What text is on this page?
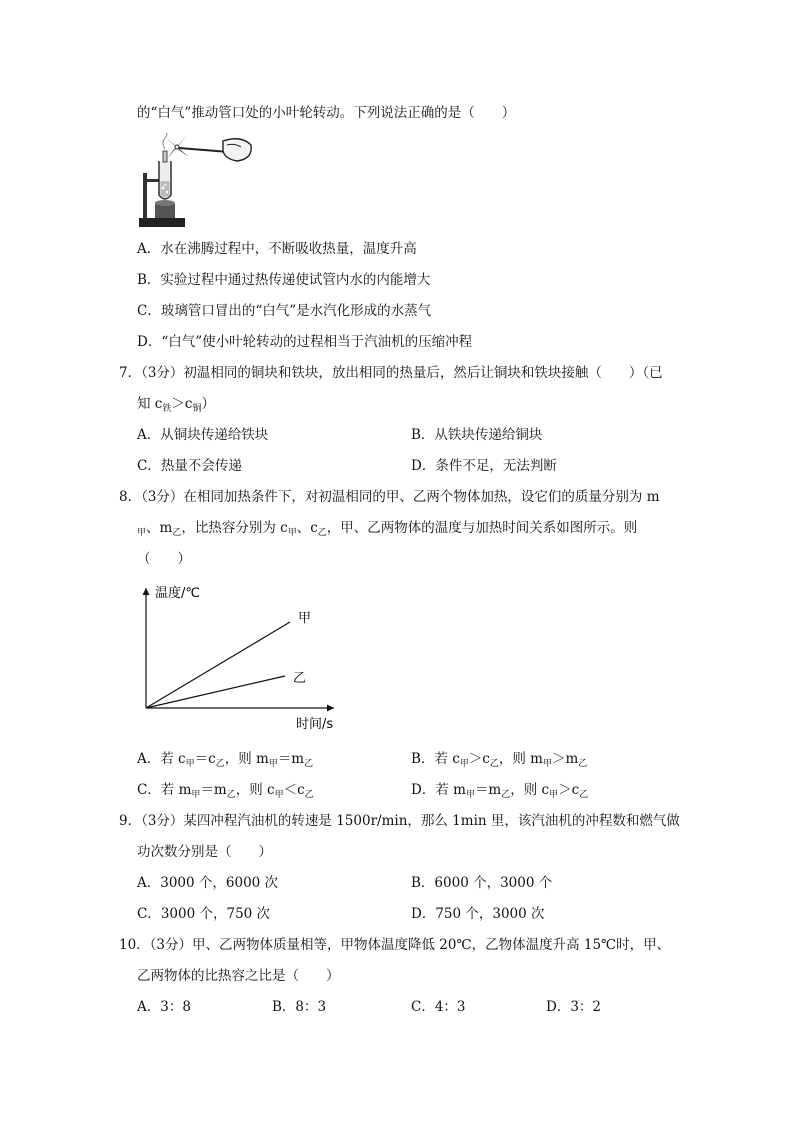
的“白气”推动管口处的小叶轮转动。下列说法正确的是（　　）
A．水在沸腾过程中，不断吸收热量，温度升高
B．实验过程中通过热传递使试管内水的内能增大
C．玻璃管口冒出的“白气”是水汽化形成的水蒸气
D．“白气”使小叶轮转动的过程相当于汽油机的压缩冲程
7．（3分）初温相同的铜块和铁块，放出相同的热量后，然后让铜块和铁块接触（　　）（已
知 $c_铁>c_铜$）
A．从铜块传递给铁块	B．从铁块传递给铜块
C．热量不会传递	D．条件不足，无法判断
8．（3分）在相同加热条件下，对初温相同的甲、乙两个物体加热，设它们的质量分别为 m
$_甲$、$m_乙$，比热容分别为 $c_甲$、$c_乙$，甲、乙两物体的温度与加热时间关系如图所示。则
（　　）
温度/℃
时间/s
甲
乙
A．若 $c_甲=c_乙$，则 $m_甲=m_乙$	B．若 $c_甲>c_乙$，则 $m_甲>m_乙$
C．若 $m_甲=m_乙$，则 $c_甲<c_乙$	D．若 $m_甲=m_乙$，则 $c_甲>c_乙$
9．（3分）某四冲程汽油机的转速是 1500r/min，那么 1min 里，该汽油机的冲程数和燃气做
功次数分别是（　　）
A．3000 个，6000 次	B．6000 个，3000 个
C．3000 个，750 次	D．750 个，3000 次
10．（3分）甲、乙两物体质量相等，甲物体温度降低 20℃，乙物体温度升高 15℃时，甲、
乙两物体的比热容之比是（　　）
A．3：8	B．8：3	C．4：3	D．3：2
